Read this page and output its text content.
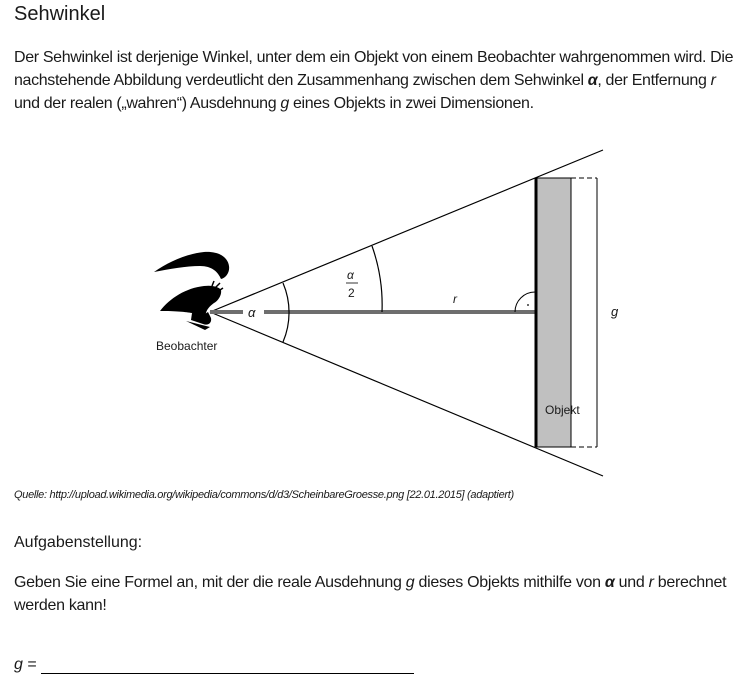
Sehwinkel
Der Sehwinkel ist derjenige Winkel, unter dem ein Objekt von einem Beobachter wahrgenommen wird. Die nachstehende Abbildung verdeutlicht den Zusammenhang zwischen dem Sehwinkel α, der Entfernung r und der realen („wahren“) Ausdehnung g eines Objekts in zwei Dimensionen.
Beobachter
α
α
2	r
g
Objekt
Quelle: http://upload.wikimedia.org/wikipedia/commons/d/d3/ScheinbareGroesse.png [22.01.2015] (adaptiert)
Aufgabenstellung:
Geben Sie eine Formel an, mit der die reale Ausdehnung g dieses Objekts mithilfe von α und r berechnet werden kann!
g =
